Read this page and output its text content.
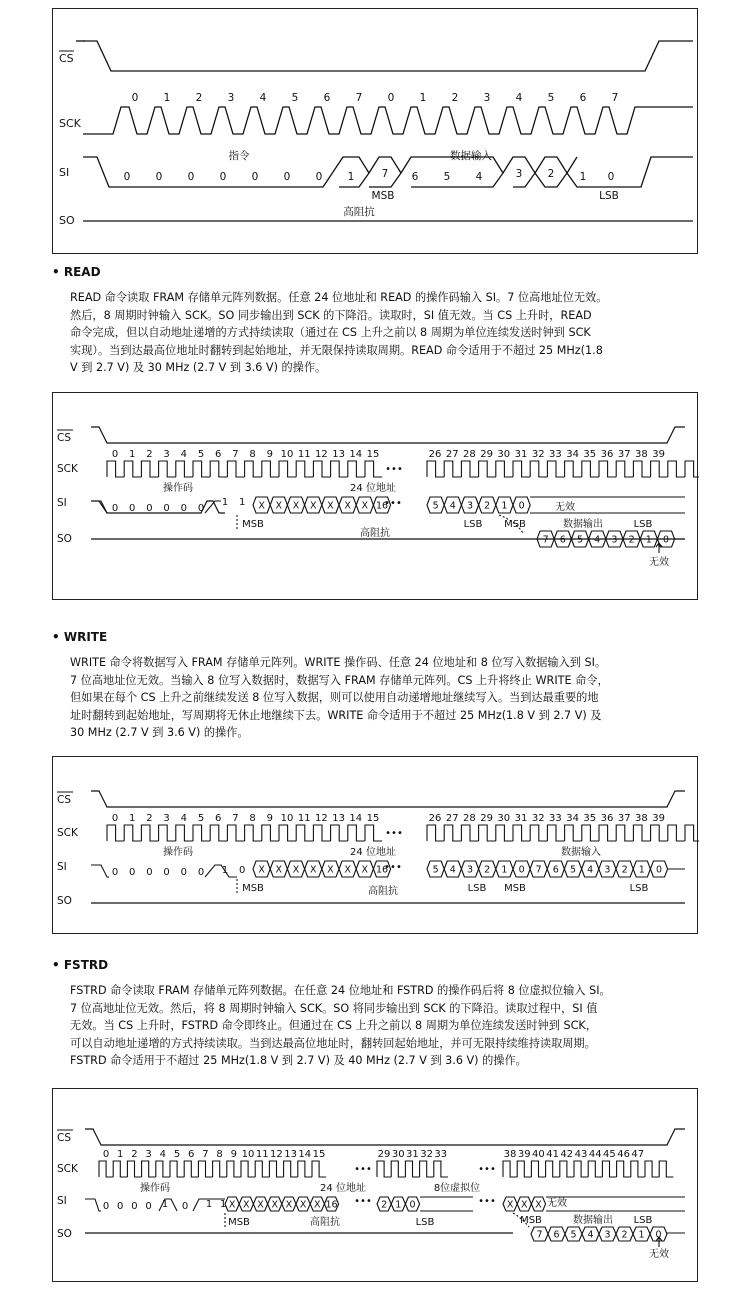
CS
SCK
SI
SO
0 1 2 3 4 5 6 7 0 1 2 3 4 5 6 7
0 0 0 0 0 0 0 1	7 6 5 4	3 2 1 0
指令	数据输入
MSB	LSB
高阻抗
• READ
READ 命令读取 FRAM 存储单元阵列数据。任意 24 位地址和 READ 的操作码输入 SI。7 位高地址位无效。
然后，8 周期时钟输入 SCK。SO 同步输出到 SCK 的下降沿。读取时，SI 值无效。当 CS 上升时，READ
命令完成，但以自动地址递增的方式持续读取（通过在 CS 上升之前以 8 周期为单位连续发送时钟到 SCK
实现）。当到达最高位地址时翻转到起始地址，并无限保持读取周期。READ 命令适用于不超过 25 MHz(1.8
V 到 2.7 V) 及 30 MHz (2.7 V 到 3.6 V) 的操作。
CS
SCK
SI
SO
0 1 2 3 4 5 6 7 8 9 10 11 12 13 14 15	26 27 28 29 30 31 32 33 34 35 36 37 38 39
操作码	24 位地址
无效
MSB	LSB MSB	数据输出	LSB
高阻抗
无效
•••
•••
0 0 0 0 0 0
1 1 X X X X X X X 16	5 4 3 2 1 0
7 6 5 4 3 2 1 0
• WRITE
WRITE 命令将数据写入 FRAM 存储单元阵列。WRITE 操作码、任意 24 位地址和 8 位写入数据输入到 SI。
7 位高地址位无效。当输入 8 位写入数据时，数据写入 FRAM 存储单元阵列。CS 上升将终止 WRITE 命令，
但如果在每个 CS 上升之前继续发送 8 位写入数据，则可以使用自动递增地址继续写入。当到达最重要的地
址时翻转到起始地址，写周期将无休止地继续下去。WRITE 命令适用于不超过 25 MHz(1.8 V 到 2.7 V) 及
30 MHz (2.7 V 到 3.6 V) 的操作。
CS
SCK
SI
SO
0 1 2 3 4 5 6 7 8 9 10 11 12 13 14 15	26 27 28 29 30 31 32 33 34 35 36 37 38 39
操作码	24 位地址	数据输入
MSB	LSB MSB	LSB
高阻抗
•••
•••
0 0 0 0 0 0 1 0 X X X X X X X 16	5 4 3 2 1 0 7 6 5 4 3 2 1 0
• FSTRD
FSTRD 命令读取 FRAM 存储单元阵列数据。在任意 24 位地址和 FSTRD 的操作码后将 8 位虚拟位输入 SI。
7 位高地址位无效。然后，将 8 周期时钟输入 SCK。SO 将同步输出到 SCK 的下降沿。读取过程中，SI 值
无效。当 CS 上升时，FSTRD 命令即终止。但通过在 CS 上升之前以 8 周期为单位连续发送时钟到 SCK，
可以自动地址递增的方式持续读取。当到达最高位地址时，翻转回起始地址，并可无限持续维持读取周期。
FSTRD 命令适用于不超过 25 MHz(1.8 V 到 2.7 V) 及 40 MHz (2.7 V 到 3.6 V) 的操作。
CS
SCK
SI
SO
0 1 2 3 4 5 6 7 8 9 10 11 12 13 14 15	29 30 31 32 33	38 39 40 41 42 43 44 45 46 47
操作码	24 位地址	8位虚拟位
无效
MSB	LSB	MSB	数据输出 LSB
高阻抗
无效
•••	•••
•••	•••
0 0 0 0 1 0 1 1 X X X X X X X 16	2 1 0	X X X
7 6 5 4 3 2 1 0
